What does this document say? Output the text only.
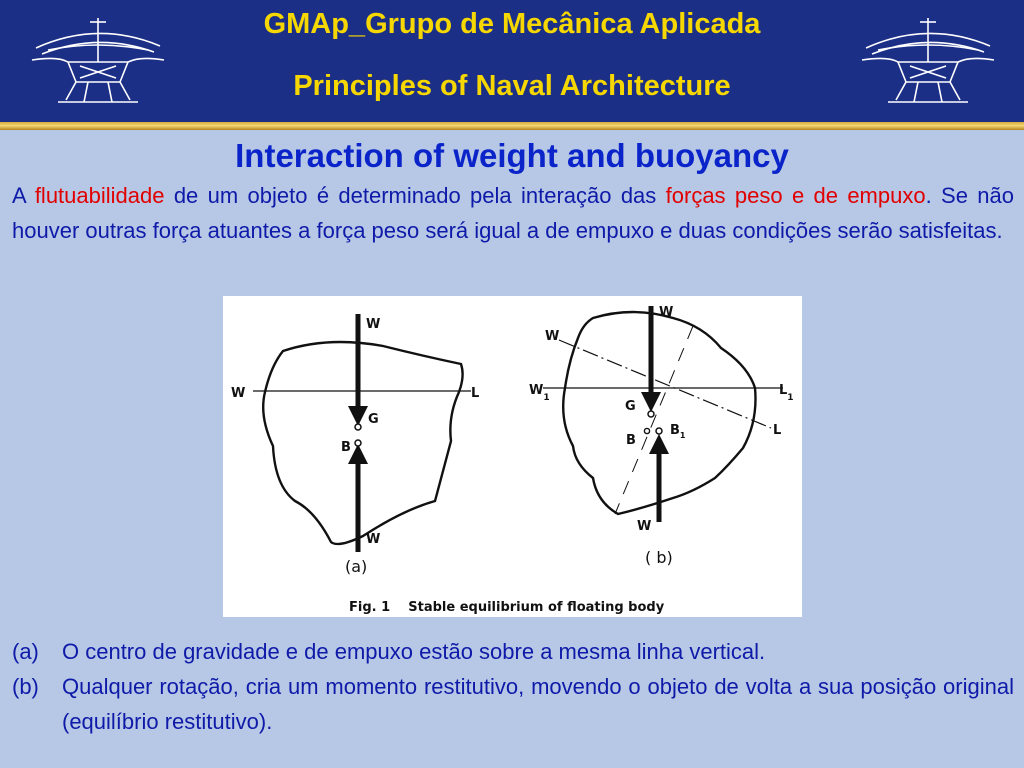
GMAp_Grupo de Mecânica Aplicada
Principles of Naval Architecture
Interaction of weight and buoyancy
A flutuabilidade de um objeto é determinado pela interação das forças peso e de empuxo. Se não houver outras força atuantes a força peso será igual a de empuxo e duas condições serão satisfeitas.
W
W	L
G
B
W
(a)
W
W
$W_1$	$L_1$
L
G
B
$B_1$
W
( b)
Fig. 1    Stable equilibrium of floating body
(a)	O centro de gravidade e de empuxo estão sobre a mesma linha vertical.
(b)	Qualquer rotação, cria um momento restitutivo, movendo o objeto de volta a sua posição original (equilíbrio restitutivo).
